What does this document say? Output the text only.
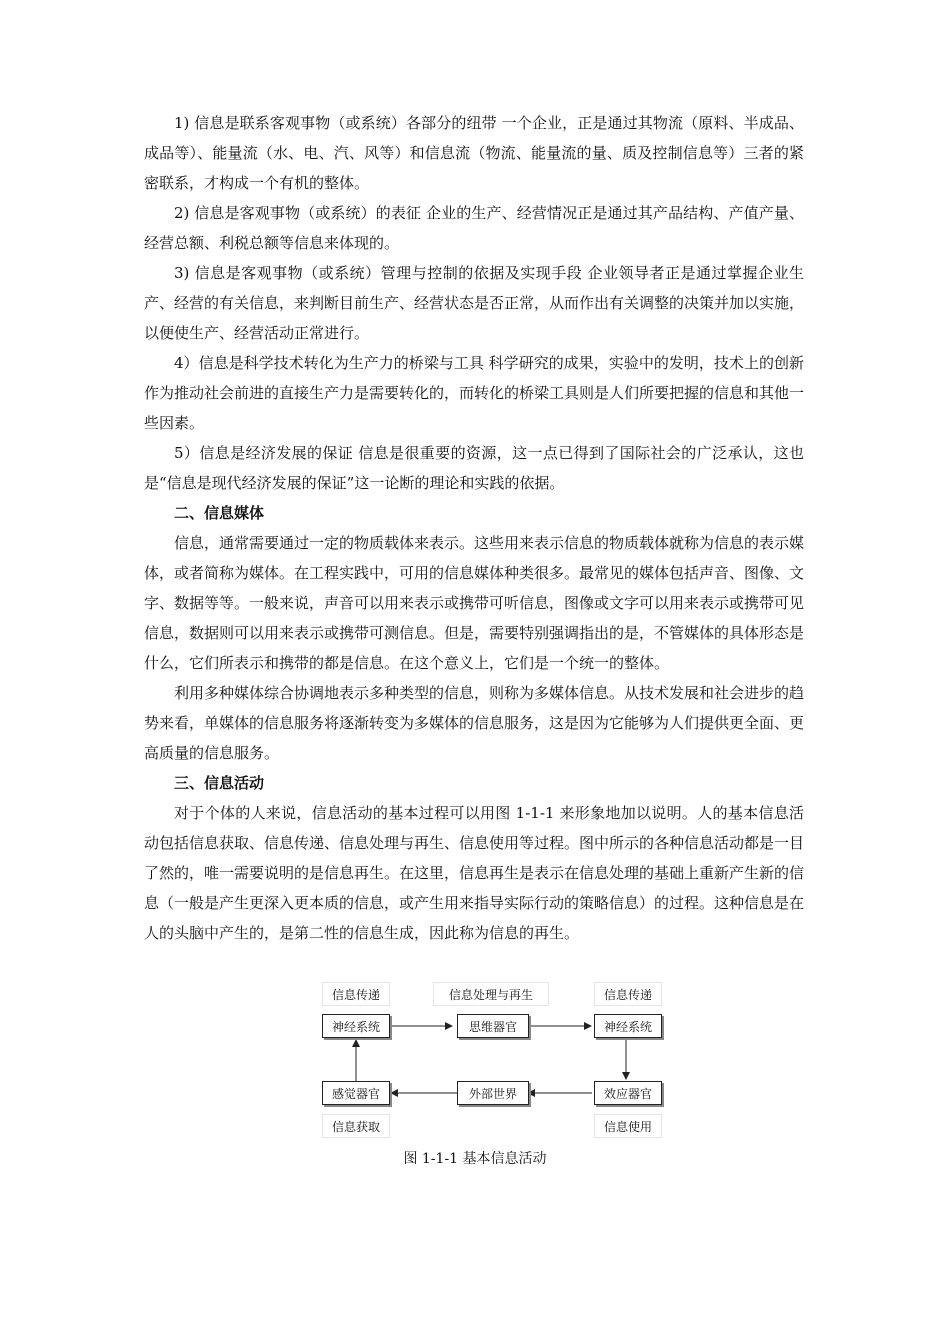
1) 信息是联系客观事物（或系统）各部分的纽带 一个企业，正是通过其物流（原料、半成品、成品等）、能量流（水、电、汽、风等）和信息流（物流、能量流的量、质及控制信息等）三者的紧密联系，才构成一个有机的整体。

2) 信息是客观事物（或系统）的表征 企业的生产、经营情况正是通过其产品结构、产值产量、经营总额、利税总额等信息来体现的。

3) 信息是客观事物（或系统）管理与控制的依据及实现手段 企业领导者正是通过掌握企业生产、经营的有关信息，来判断目前生产、经营状态是否正常，从而作出有关调整的决策并加以实施，以便使生产、经营活动正常进行。

4）信息是科学技术转化为生产力的桥梁与工具 科学研究的成果，实验中的发明，技术上的创新作为推动社会前进的直接生产力是需要转化的，而转化的桥梁工具则是人们所要把握的信息和其他一些因素。

5）信息是经济发展的保证 信息是很重要的资源，这一点已得到了国际社会的广泛承认，这也是“信息是现代经济发展的保证”这一论断的理论和实践的依据。

二、信息媒体

信息，通常需要通过一定的物质载体来表示。这些用来表示信息的物质载体就称为信息的表示媒体，或者简称为媒体。在工程实践中，可用的信息媒体种类很多。最常见的媒体包括声音、图像、文字、数据等等。一般来说，声音可以用来表示或携带可听信息，图像或文字可以用来表示或携带可见信息，数据则可以用来表示或携带可测信息。但是，需要特别强调指出的是，不管媒体的具体形态是什么，它们所表示和携带的都是信息。在这个意义上，它们是一个统一的整体。

利用多种媒体综合协调地表示多种类型的信息，则称为多媒体信息。从技术发展和社会进步的趋势来看，单媒体的信息服务将逐渐转变为多媒体的信息服务，这是因为它能够为人们提供更全面、更高质量的信息服务。

三、信息活动

对于个体的人来说，信息活动的基本过程可以用图 1-1-1 来形象地加以说明。人的基本信息活动包括信息获取、信息传递、信息处理与再生、信息使用等过程。图中所示的各种信息活动都是一目了然的，唯一需要说明的是信息再生。在这里，信息再生是表示在信息处理的基础上重新产生新的信息（一般是产生更深入更本质的信息，或产生用来指导实际行动的策略信息）的过程。这种信息是在人的头脑中产生的，是第二性的信息生成，因此称为信息的再生。

信息传递	信息处理与再生	信息传递
神经系统	思维器官	神经系统
感觉器官	外部世界	效应器官
信息获取	信息使用
图 1-1-1 基本信息活动
